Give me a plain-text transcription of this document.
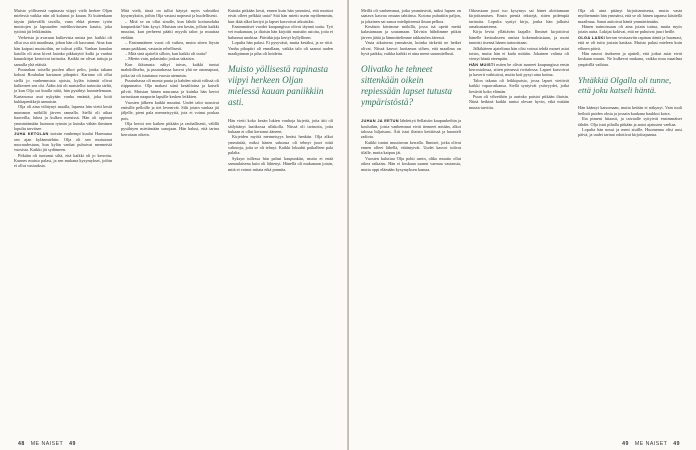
Muisto yölliseestä rapinasta viipyi vielä herkee Oljan mielessä vaikka niin oli kulunut jo kauan. Ei kuitenkaan täysin järkevällä tavalla, vaan ehkä pienen tytön muistojen ja lapsuuden mielikuvitusten kautta, joka tyttönä jäi leikkimään.

Verkeista ja avaruun kulkevista unista jne. kaikki oli ollut osa sitä maailmaa, johon hän oli kasvanut. Aina kun hän kaipasi muistoihin, ne tulivat yöllä. Vanhan kanalan katolla oli aina kiveä kuinka pikkutyttö kulki ja vanhat kaunokirjat kertoivat tarinoita. Kaikki ne olivat tuttuja ja samalla yhä etäisiä.

Puutarhan toisella puolen alkoi pelto, jonka takana kohosi Rouhalan kartanon pihapiiri. Kartano oli ollut siellä jo vanhemmista ajoista, kylän isännät olivat kulkeneet sen ohi. Äidin äiti oli muistellut tarinoita sieltä, ja kun Olja sai kuulla niitä, hän pysähtyi kuuntelemaan. Kartanossa asui nykyään vanha emäntä, joka hoiti kukkapenkkejä aamuisin.

Olja oli aina viihtynyt maalla, lapsena hän vietti kesät mummon mökillä järven rannalla. Siellä oli aikaa haaveilla, lukea ja kulkea metsissä. Hän oli oppinut ymmärtämään luonnon rytmin ja kuinka vähän ihminen lopulta tarvitsee.

JUHA KETOLAN isoisän vanhempi kuului Harmaasa sen ajan kylänmiehiin. Olja oli sen muistanut nuoruudestaan, kun kylän vanhat puhuivat menneistä vuosista. Kaikki jäi sydämeen.

Pitkään oli tuntunut siltä, että kaikki oli jo kerrottu. Kunnes muisto palasi, ja sen mukana kysymykset, joihin ei ollut vastauksia.

Mitä vielä, tässä on tullut käytyä myös valmiiksi kysymyksiin, joihin Olja vastasi nopeasti ja huolellisesti.

– Mitä se on ollut sinulle, kun lähdit kotiseudulta kaupunkiin? hän kysyi. Muistan sen kesän, jolloin kaikki muuttui, kun perheeni päätti myydä talon ja muuttaa etelään.

– Ensimmäinen vuosi oli vaikea, mutta sitten löysin oman paikkani, vastasin rehellisesti.

– Mitä sinä ajattelit silloin, kun kaikki oli uutta?

– Mietin vain, palaisinko joskus takaisin.

Kun ikkunasta näkyi taivas, kaikki tuntui mahdolliselta, ja puutarhassa kasvoi yhä ne omenapuut, jotka isä oli istuttanut vuosia aiemmin.

Puutarhassa oli monta puuta ja kahden niistä välissä oli riippumatto. Olja makasi siinä kesäiltoina ja katseli pilviä. Muistan hänen naurunsa ja kuinka hän kertoi tarinoitaan naapurin lapsille kesken leikkien.

Vuosien jälkeen kaikki muuttui. Uudet talot nousivat entisille pelloille ja tiet levenivät. Silti jotain vanhaa jäi jäljelle, pieni pala menneisyyttä, jota ei voinut purkaa pois.

Olja kertoi sen kaiken pitkään ja rauhallisesti, välillä pysähtyen miettimään sanojaan. Hän halusi, että tarina kerrotaan oikein.

Kuinka pitkään kesti, ennen kuin hän ymmärsi, että muistot eivät olleet pelkkiä unia? Sitä hän mietti usein myöhemmin, kun ikää alkoi kertyä ja lapset kasvoivat aikuisiksi.

Ensimmäiset vuodet kaupungissa olivat täynnä uutta. Työ vei mukanaan, ja iltaisin hän kirjoitti muistiin asioita, joita ei halunnut unohtaa. Päiväkirjoja kertyi hyllyllinen.

Lopulta hän palasi. Ei pysyvästi, mutta kesäksi, ja se riitti. Vanha pihapiiri oli ennallaan, vaikka talo oli saanut uuden maalipinnan ja piha oli hoidettu.

Muisto yöllisestä rapinasta viipyi herkeen Oljan mielessä kauan paniikkiin asti.

Hän vietti koko kesän lukien vanhoja kirjeitä, joita äiti oli säilyttänyt laatikossa ullakolla. Niissä oli tarinoita, joita kukaan ei ollut kertonut ääneen.

Kirjeiden myötä menneisyys heräsi henkiin. Olja alkoi ymmärtää, miksi hänen sukunsa oli tehnyt juuri niitä valintoja, joita se oli tehnyt. Kaikki loksahti paikalleen pala palalta.

Syksyn tullessa hän palasi kaupunkiin, mutta ei enää samanlaisena kuin oli lähtenyt. Hänellä oli mukanaan jotain, mitä ei voinut mitata eikä punnita.

48 ME NAISET 49

Meillä oli vanhemmat, jotka ymmärsivät, miksi lapsen on saatava kasvaa omaan tahtiinsa. Kotona puhuttiin paljon, ja jokainen sai sanoa mielipiteensä ilman pelkoa.

Kesäisin kävimme mökillä, jossa isä opetti meitä kalastamaan ja soutamaan. Talvisin hiihdimme pitkin järven jäätä ja lämmittelimme takkatulen ääressä.

Vasta aikuisena ymmärsin, kuinka tärkeitä ne hetket olivat. Niissä kasvoi luottamus siihen, että maailma on hyvä paikka, vaikka kaikki ei aina mene suunnitellusti.

Olivatko he tehneet sittenkään oikein repiessään lapset tutusta ympäristöstä?

JUHAN JA EETUN lähdettyä Sellaisiin kaupunkeihin ja kouluihin, joista vanhemmat eivät tienneet mitään, alkoi talossa hiljaisuus. Äiti istui iltaisin keittiössä ja kuunteli radiota.

Kaikki tuntui muuttuvan kerralla. Ihmiset, jotka olivat ennen olleet lähellä, etääntyivät. Uudet kasvot tulivat tilalle, mutta kaipuu jäi.

Vuosien kuluttua Olja pohti usein, oliko muutto ollut oikea ratkaisu. Hän ei koskaan saanut varmaa vastausta, mutta oppi elämään kysymyksen kanssa.

Oikeastaan juuri tuo kysymys sai hänet aloittamaan kirjoittamisen. Ensin pieniä tekstejä, sitten pidempiä tarinoita. Lopulta syntyi kirja, jonka hän julkaisi omakustanteena.

Kirja levisi yllättävän laajalle. Ihmiset kirjoittivat hänelle kertoakseen omista kokemuksistaan, ja moni tunnisti itsensä hänen tarinoistaan.

Jälkikäteen ajateltuna hän olisi voinut tehdä monet asiat toisin, mutta hän ei kadu mitään. Jokainen valinta oli vienyt häntä eteenpäin.

HÄN MUISTI miten he olivat asuneet kaupungissa ensin kerrostalossa, sitten pienessä rivitalossa. Lapset kasvoivat ja kaverit vaihtuivat, mutta koti pysyi aina kotina.

Talon takana oli leikkipuisto, jossa lapset viettivät kaikki vapaa-aikansa. Siellä syntyivät ystävyydet, jotka kestivät koko elämän.

Puun oli vihreähön ja aurinko paistoi pitkään iltaisin. Niinä hetkinä kaikki tuntui olevan hyvin, eikä mitään muuta tarvittu.

Olja oli aina pitänyt kirjoittamisesta, mutta vasta myöhemmin hän ymmärsi, että se oli hänen tapansa käsitellä maailmaa. Sanat auttoivat häntä ymmärtämään.

Hänen tarinoissaan oli aina jotain tuttua, mutta myös jotain uutta. Lukijat kokivat, että ne puhuivat juuri heille.

OLGA LASKI kerran vesisaaviin rapinan ääniä ja huomasi, että se oli tuttu jostain kaukaa. Muisto palasi mieleen kuin eilinen päivä.

Hän nauroi itsekseen ja ajatteli, että jotkut asiat eivät koskaan muutu. Ne kulkevat mukana, vaikka muu maailma ympärillä vaihtuu.

Yhtäkkiä Olgalla oli tunne, että joku katseli häntä.

Hän kääntyi katsomaan, mutta ketään ei näkynyt. Vain tuuli heilutti puiden oksia ja jossain kaukana haukkui koira.

Ilta pimeni hitaasti, ja taivaalle syttyivät ensimmäiset tähdet. Olja istui pihalla pitkään ja antoi ajatusten vaeltaa.

Lopulta hän nousi ja meni sisälle. Huomenna olisi uusi päivä, ja uudet tarinat odottivat kirjoittajaansa.

49 ME NAISET 49
